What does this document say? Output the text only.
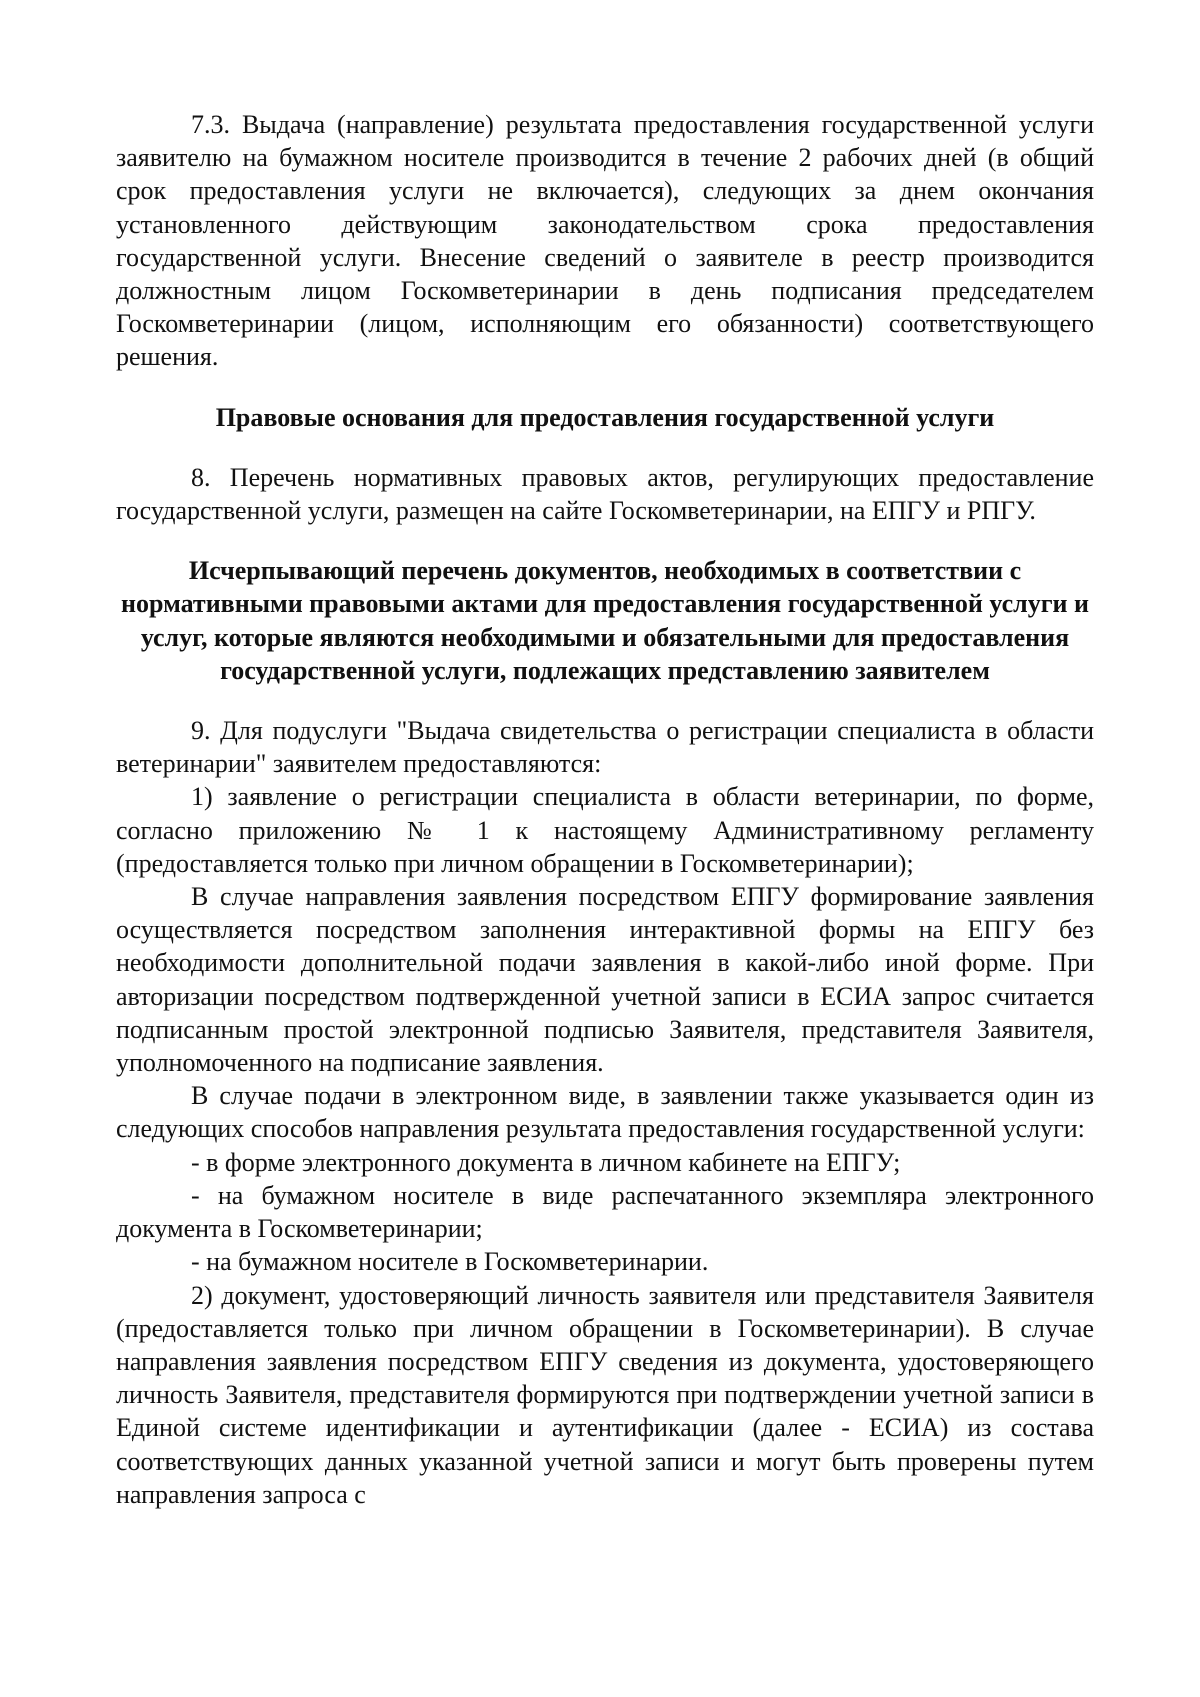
7.3. Выдача (направление) результата предоставления государственной услуги заявителю на бумажном носителе производится в течение 2 рабочих дней (в общий срок предоставления услуги не включается), следующих за днем окончания установленного действующим законодательством срока предоставления государственной услуги. Внесение сведений о заявителе в реестр производится должностным лицом Госкомветеринарии в день подписания председателем Госкомветеринарии (лицом, исполняющим его обязанности) соответствующего решения.

Правовые основания для предоставления государственной услуги

8. Перечень нормативных правовых актов, регулирующих предоставление государственной услуги, размещен на сайте Госкомветеринарии, на ЕПГУ и РПГУ.

Исчерпывающий перечень документов, необходимых в соответствии с нормативными правовыми актами для предоставления государственной услуги и услуг, которые являются необходимыми и обязательными для предоставления государственной услуги, подлежащих представлению заявителем

9. Для подуслуги "Выдача свидетельства о регистрации специалиста в области ветеринарии" заявителем предоставляются:

1) заявление о регистрации специалиста в области ветеринарии, по форме, согласно приложению № 1 к настоящему Административному регламенту (предоставляется только при личном обращении в Госкомветеринарии);

В случае направления заявления посредством ЕПГУ формирование заявления осуществляется посредством заполнения интерактивной формы на ЕПГУ без необходимости дополнительной подачи заявления в какой-либо иной форме. При авторизации посредством подтвержденной учетной записи в ЕСИА запрос считается подписанным простой электронной подписью Заявителя, представителя Заявителя, уполномоченного на подписание заявления.

В случае подачи в электронном виде, в заявлении также указывается один из следующих способов направления результата предоставления государственной услуги:

- в форме электронного документа в личном кабинете на ЕПГУ;

- на бумажном носителе в виде распечатанного экземпляра электронного документа в Госкомветеринарии;

- на бумажном носителе в Госкомветеринарии.

2) документ, удостоверяющий личность заявителя или представителя Заявителя (предоставляется только при личном обращении в Госкомветеринарии). В случае направления заявления посредством ЕПГУ сведения из документа, удостоверяющего личность Заявителя, представителя формируются при подтверждении учетной записи в Единой системе идентификации и аутентификации (далее - ЕСИА) из состава соответствующих данных указанной учетной записи и могут быть проверены путем направления запроса с
